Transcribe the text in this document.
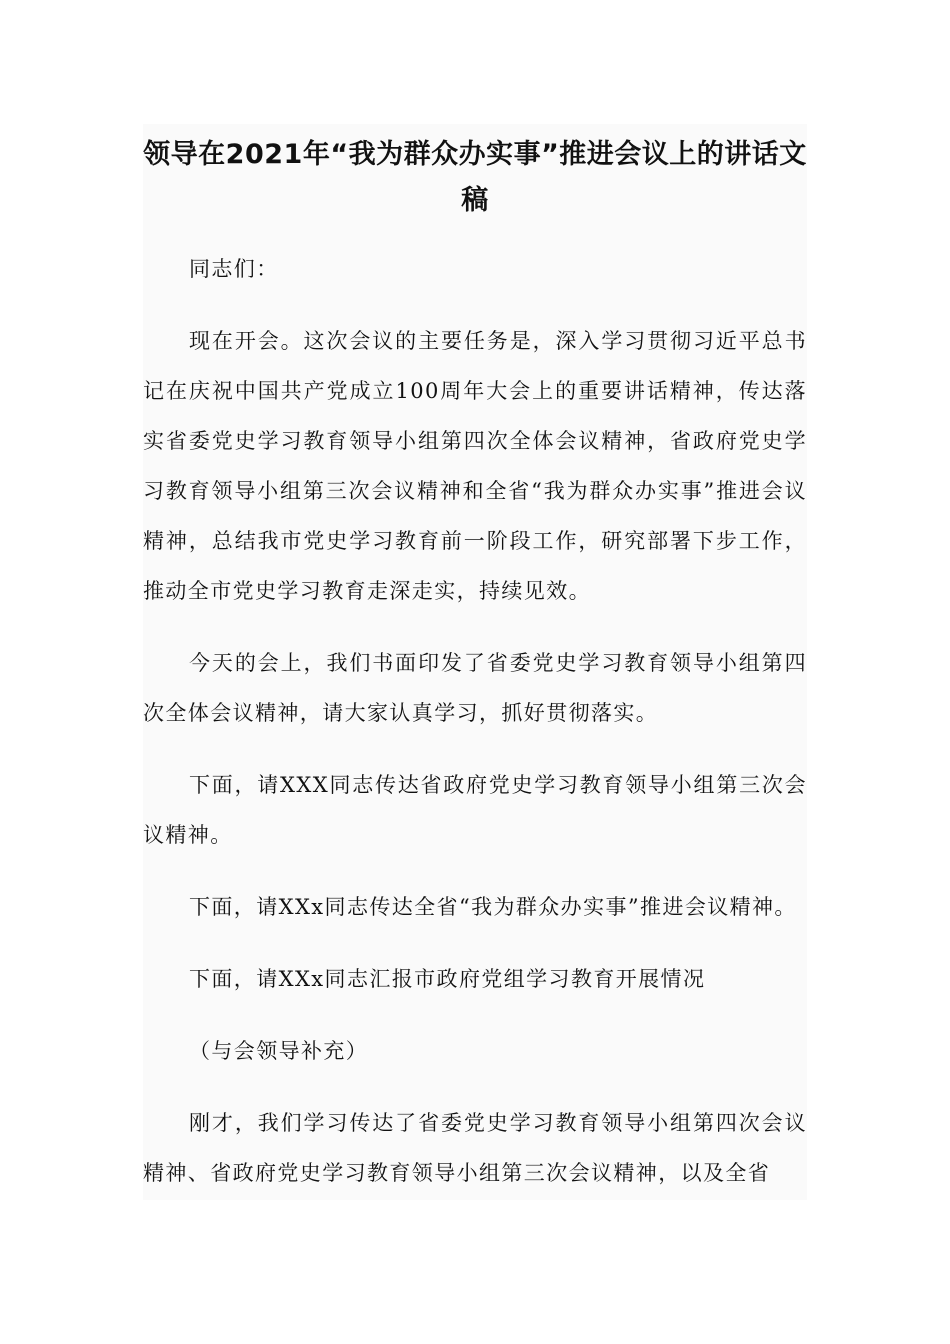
领导在2021年“我为群众办实事”推进会议上的讲话文稿

同志们：

现在开会。这次会议的主要任务是，深入学习贯彻习近平总书记在庆祝中国共产党成立100周年大会上的重要讲话精神，传达落实省委党史学习教育领导小组第四次全体会议精神，省政府党史学习教育领导小组第三次会议精神和全省“我为群众办实事”推进会议精神，总结我市党史学习教育前一阶段工作，研究部署下步工作，推动全市党史学习教育走深走实，持续见效。

今天的会上，我们书面印发了省委党史学习教育领导小组第四次全体会议精神，请大家认真学习，抓好贯彻落实。

下面，请XXX同志传达省政府党史学习教育领导小组第三次会议精神。

下面，请XXx同志传达全省“我为群众办实事”推进会议精神。

下面，请XXx同志汇报市政府党组学习教育开展情况

（与会领导补充）

刚才，我们学习传达了省委党史学习教育领导小组第四次会议精神、省政府党史学习教育领导小组第三次会议精神，以及全省
